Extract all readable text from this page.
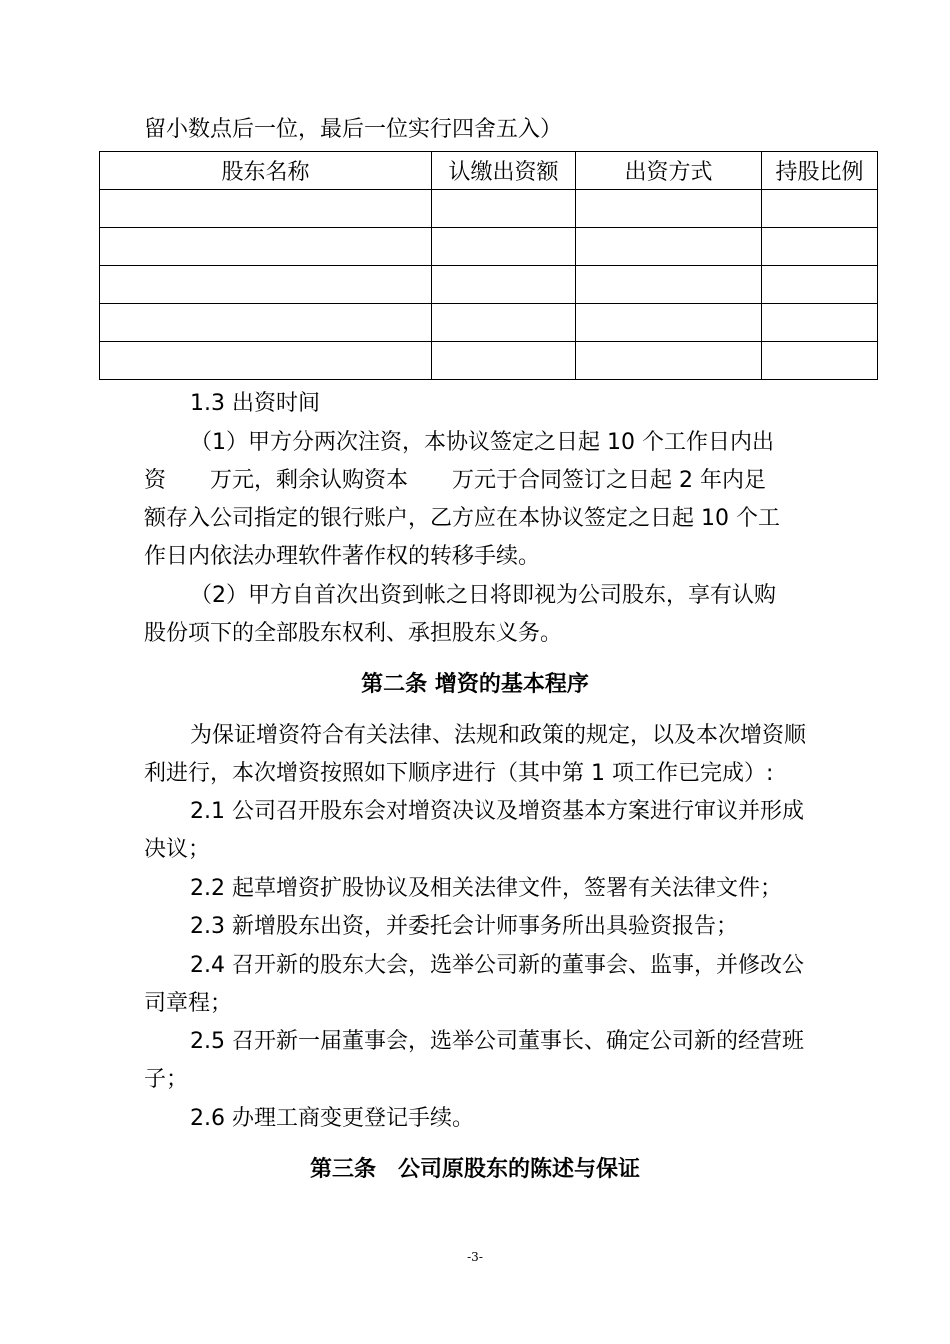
留小数点后一位，最后一位实行四舍五入）

股东名称	认缴出资额	出资方式	持股比例

1.3 出资时间

（1）甲方分两次注资，本协议签定之日起 10 个工作日内出

资　　万元，剩余认购资本　　万元于合同签订之日起 2 年内足

额存入公司指定的银行账户，乙方应在本协议签定之日起 10 个工

作日内依法办理软件著作权的转移手续。

（2）甲方自首次出资到帐之日将即视为公司股东，享有认购

股份项下的全部股东权利、承担股东义务。

第二条 增资的基本程序

为保证增资符合有关法律、法规和政策的规定，以及本次增资顺

利进行，本次增资按照如下顺序进行（其中第 1 项工作已完成）:

2.1 公司召开股东会对增资决议及增资基本方案进行审议并形成

决议；

2.2 起草增资扩股协议及相关法律文件，签署有关法律文件；

2.3 新增股东出资，并委托会计师事务所出具验资报告；

2.4 召开新的股东大会，选举公司新的董事会、监事，并修改公

司章程；

2.5 召开新一届董事会，选举公司董事长、确定公司新的经营班

子；

2.6 办理工商变更登记手续。

第三条　公司原股东的陈述与保证

-3-
